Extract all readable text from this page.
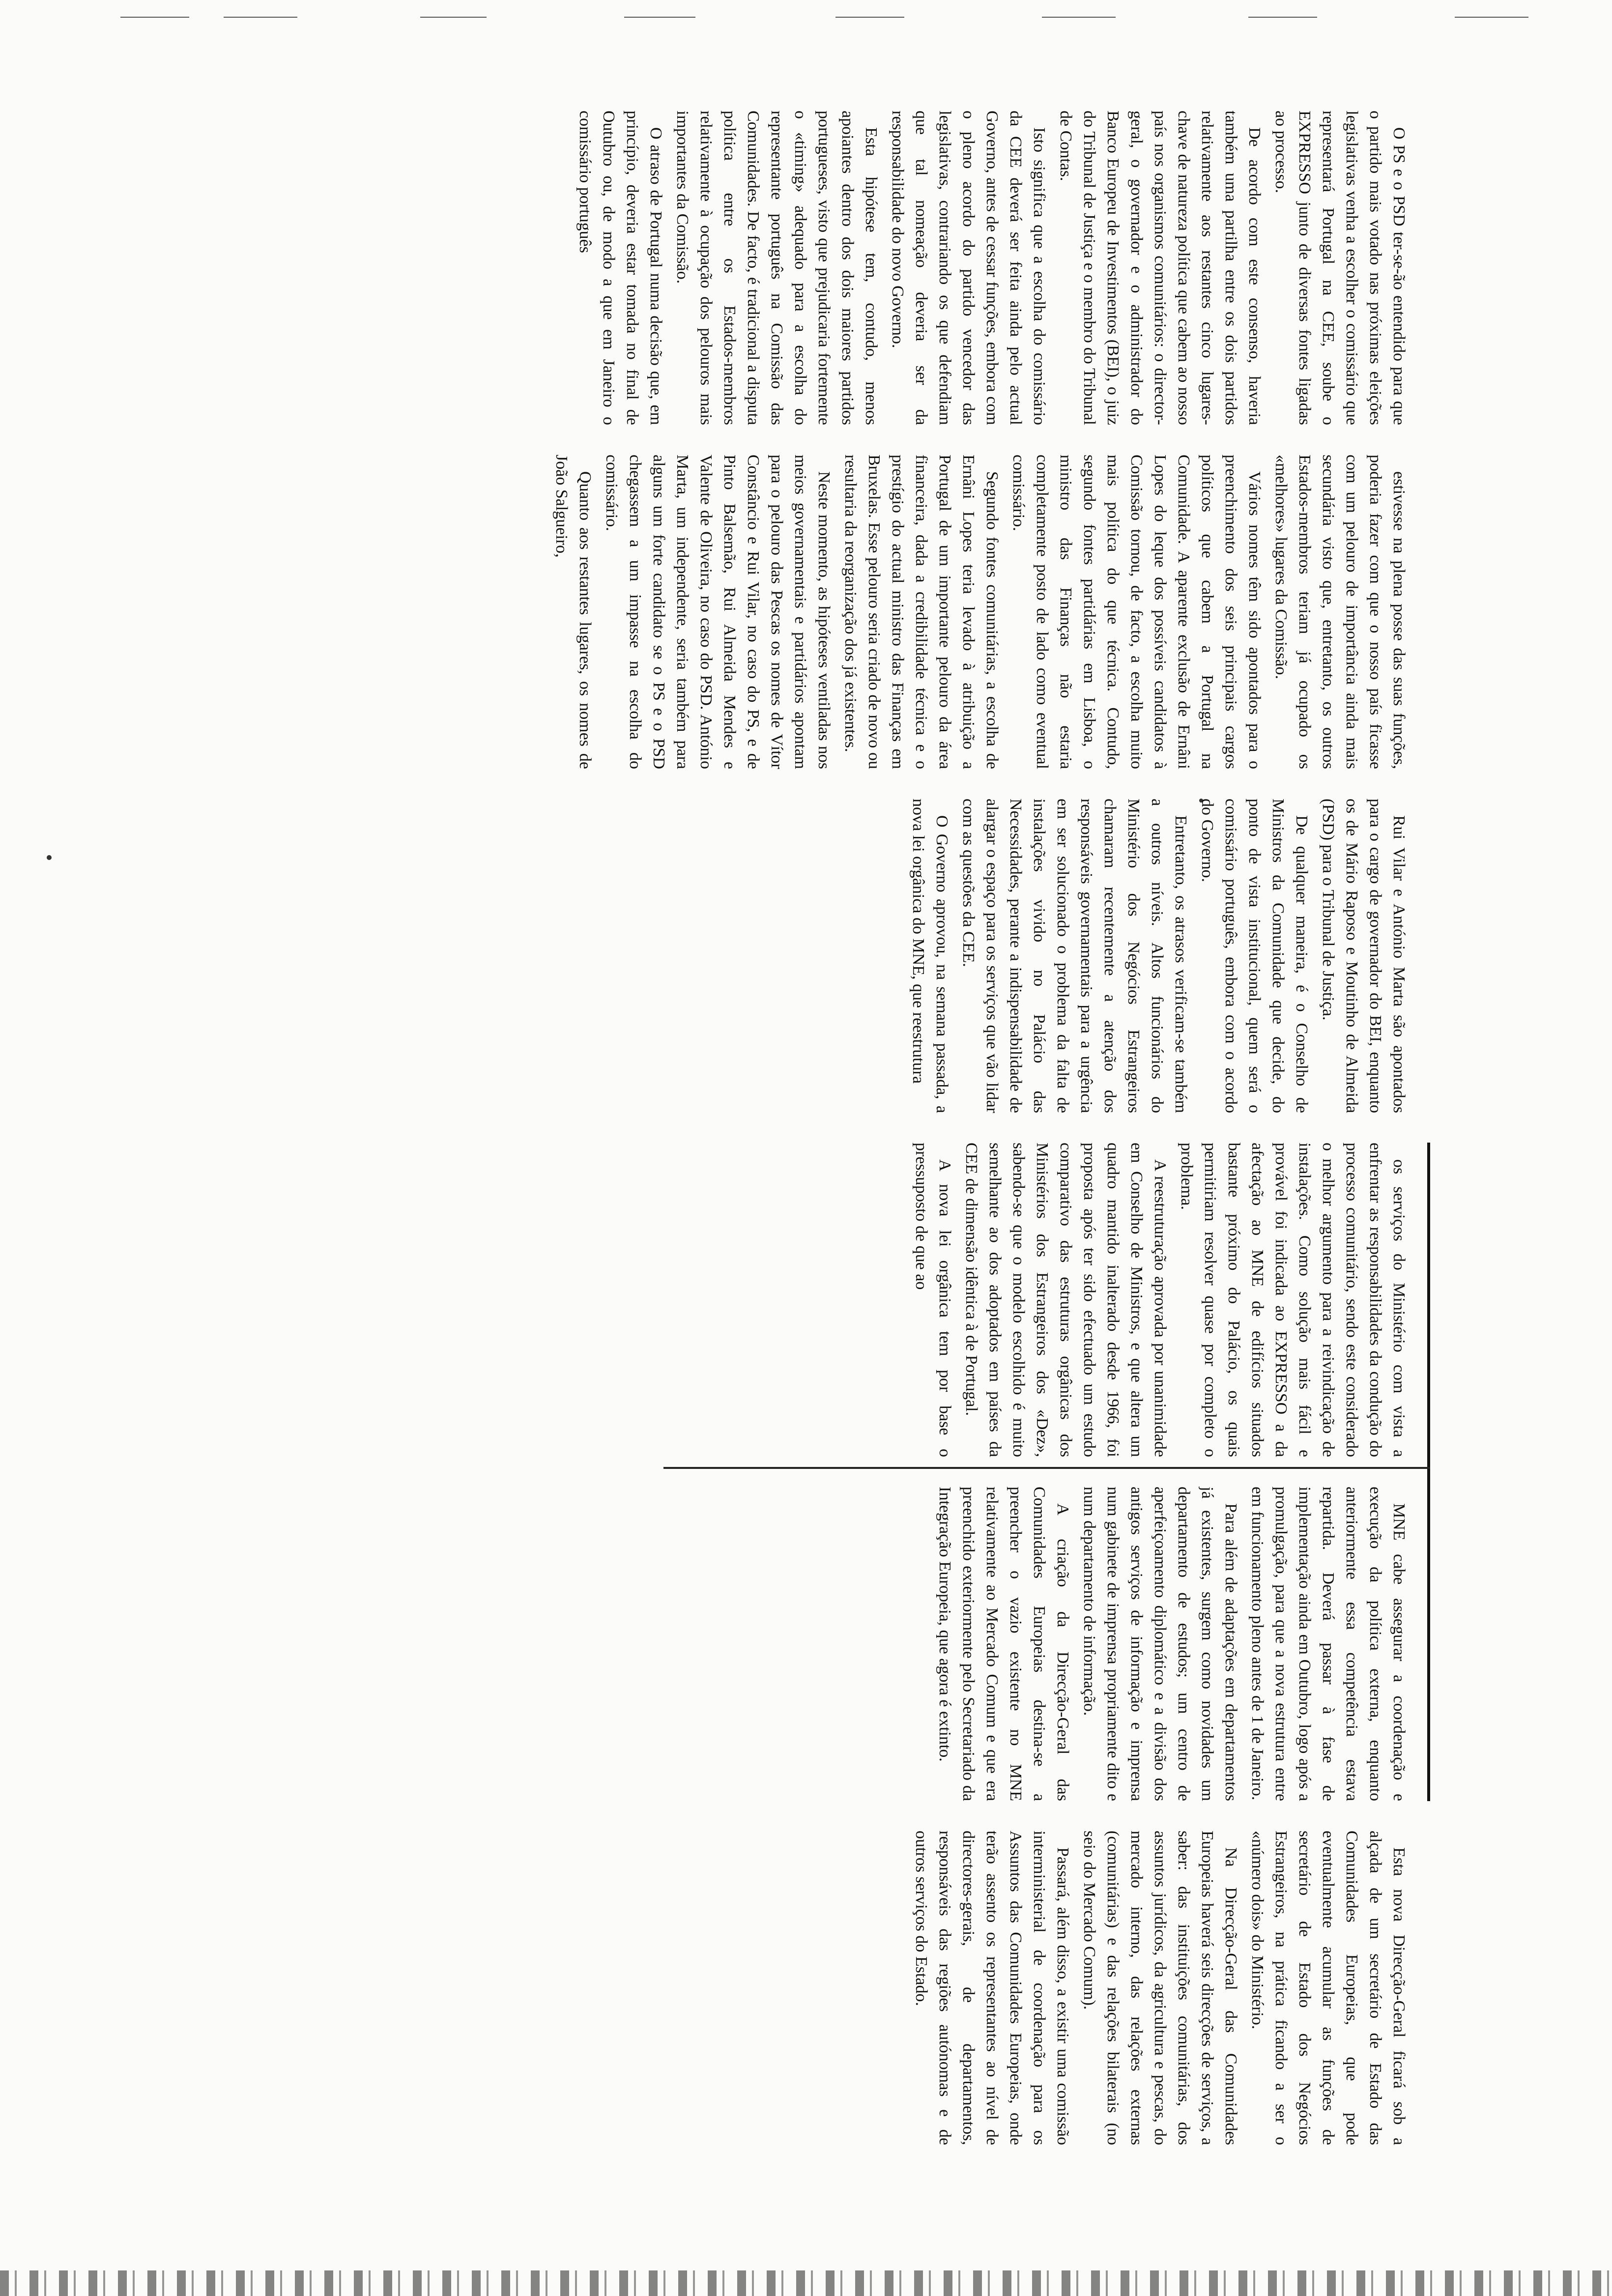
O PS e o PSD ter-se-ão entendido para que o partido mais votado nas próximas eleições legislativas venha a escolher o comissário que representará Portugal na CEE, soube o EXPRESSO junto de diversas fontes ligadas ao processo.

De acordo com este consenso, haveria também uma partilha entre os dois partidos relativamente aos restantes cinco lugares-chave de natureza política que cabem ao nosso país nos organismos comunitários: o director-geral, o governador e o administrador do Banco Europeu de Investimentos (BEI), o juiz do Tribunal de Justiça e o membro do Tribunal de Contas.

Isto significa que a escolha do comissário da CEE deverá ser feita ainda pelo actual Governo, antes de cessar funções, embora com o pleno acordo do partido vencedor das legislativas, contrariando os que defendiam que tal nomeação deveria ser da responsabilidade do novo Governo.

Esta hipótese tem, contudo, menos apoiantes dentro dos dois maiores partidos portugueses, visto que prejudicaria fortemente o «timing» adequado para a escolha do representante português na Comissão das Comunidades. De facto, é tradicional a disputa política entre os Estados-membros relativamente à ocupação dos pelouros mais importantes da Comissão.

O atraso de Portugal numa decisão que, em princípio, deveria estar tomada no final de Outubro ou, de modo a que em Janeiro o comissário português

estivesse na plena posse das suas funções, poderia fazer com que o nosso país ficasse com um pelouro de importância ainda mais secundária visto que, entretanto, os outros Estados-membros teriam já ocupado os «melhores» lugares da Comissão.

Vários nomes têm sido apontados para o preenchimento dos seis principais cargos políticos que cabem a Portugal na Comunidade. A aparente exclusão de Ernâni Lopes do leque dos possíveis candidatos à Comissão tornou, de facto, a escolha muito mais política do que técnica. Contudo, segundo fontes partidárias em Lisboa, o ministro das Finanças não estaria completamente posto de lado como eventual comissário.

Segundo fontes comunitárias, a escolha de Ernâni Lopes teria levado à atribuição a Portugal de um importante pelouro da área financeira, dada a credibilidade técnica e o prestígio do actual ministro das Finanças em Bruxelas. Esse pelouro seria criado de novo ou resultaria da reorganização dos já existentes.

Neste momento, as hipóteses ventiladas nos meios governamentais e partidários apontam para o pelouro das Pescas os nomes de Vítor Constâncio e Rui Vilar, no caso do PS, e de Pinto Balsemão, Rui Almeida Mendes e Valente de Oliveira, no caso do PSD. António Marta, um independente, seria também para alguns um forte candidato se o PS e o PSD chegassem a um impasse na escolha do comissário.

Quanto aos restantes lugares, os nomes de João Salgueiro,

Rui Vilar e António Marta são apontados para o cargo de governador do BEI, enquanto os de Mário Raposo e Moutinho de Almeida (PSD) para o Tribunal de Justiça.

De qualquer maneira, é o Conselho de Ministros da Comunidade que decide, do ponto de vista institucional, quem será o comissário português, embora com o acordo do Governo.

Entretanto, os atrasos verificam-se também a outros níveis. Altos funcionários do Ministério dos Negócios Estrangeiros chamaram recentemente a atenção dos responsáveis governamentais para a urgência em ser solucionado o problema da falta de instalações vivido no Palácio das Necessidades, perante a indispensabilidade de alargar o espaço para os serviços que vão lidar com as questões da CEE.

O Governo aprovou, na semana passada, a nova lei orgânica do MNE, que reestrutura

os serviços do Ministério com vista a enfrentar as responsabilidades da condução do processo comunitário, sendo este considerado o melhor argumento para a reivindicação de instalações. Como solução mais fácil e provável foi indicada ao EXPRESSO a da afectação ao MNE de edifícios situados bastante próximo do Palácio, os quais permitiriam resolver quase por completo o problema.

A reestruturação aprovada por unanimidade em Conselho de Ministros, e que altera um quadro mantido inalterado desde 1966, foi proposta após ter sido efectuado um estudo comparativo das estruturas orgânicas dos Ministérios dos Estrangeiros dos «Dez», sabendo-se que o modelo escolhido é muito semelhante ao dos adoptados em países da CEE de dimensão idêntica à de Portugal.

A nova lei orgânica tem por base o pressuposto de que ao

MNE cabe assegurar a coordenação e execução da política externa, enquanto anteriormente essa competência estava repartida. Deverá passar à fase de implementação ainda em Outubro, logo após a promulgação, para que a nova estrutura entre em funcionamento pleno antes de 1 de Janeiro.

Para além de adaptações em departamentos já existentes, surgem como novidades um departamento de estudos; um centro de aperfeiçoamento diplomático e a divisão dos antigos serviços de informação e imprensa num gabinete de imprensa propriamente dito e num departamento de informação.

A criação da Direcção-Geral das Comunidades Europeias destina-se a preencher o vazio existente no MNE relativamente ao Mercado Comum e que era preenchido exteriormente pelo Secretariado da Integração Europeia, que agora é extinto.

Esta nova Direcção-Geral ficará sob a alçada de um secretário de Estado das Comunidades Europeias, que pode eventualmente acumular as funções de secretário de Estado dos Negócios Estrangeiros, na prática ficando a ser o «número dois» do Ministério.

Na Direcção-Geral das Comunidades Europeias haverá seis direcções de serviços, a saber: das instituições comunitárias, dos assuntos jurídicos, da agricultura e pescas, do mercado interno, das relações externas (comunitárias) e das relações bilaterais (no seio do Mercado Comum).

Passará, além disso, a existir uma comissão interministerial de coordenação para os Assuntos das Comunidades Europeias, onde terão assento os representantes ao nível de directores-gerais, de departamentos, responsáveis das regiões autónomas e de outros serviços do Estado.
